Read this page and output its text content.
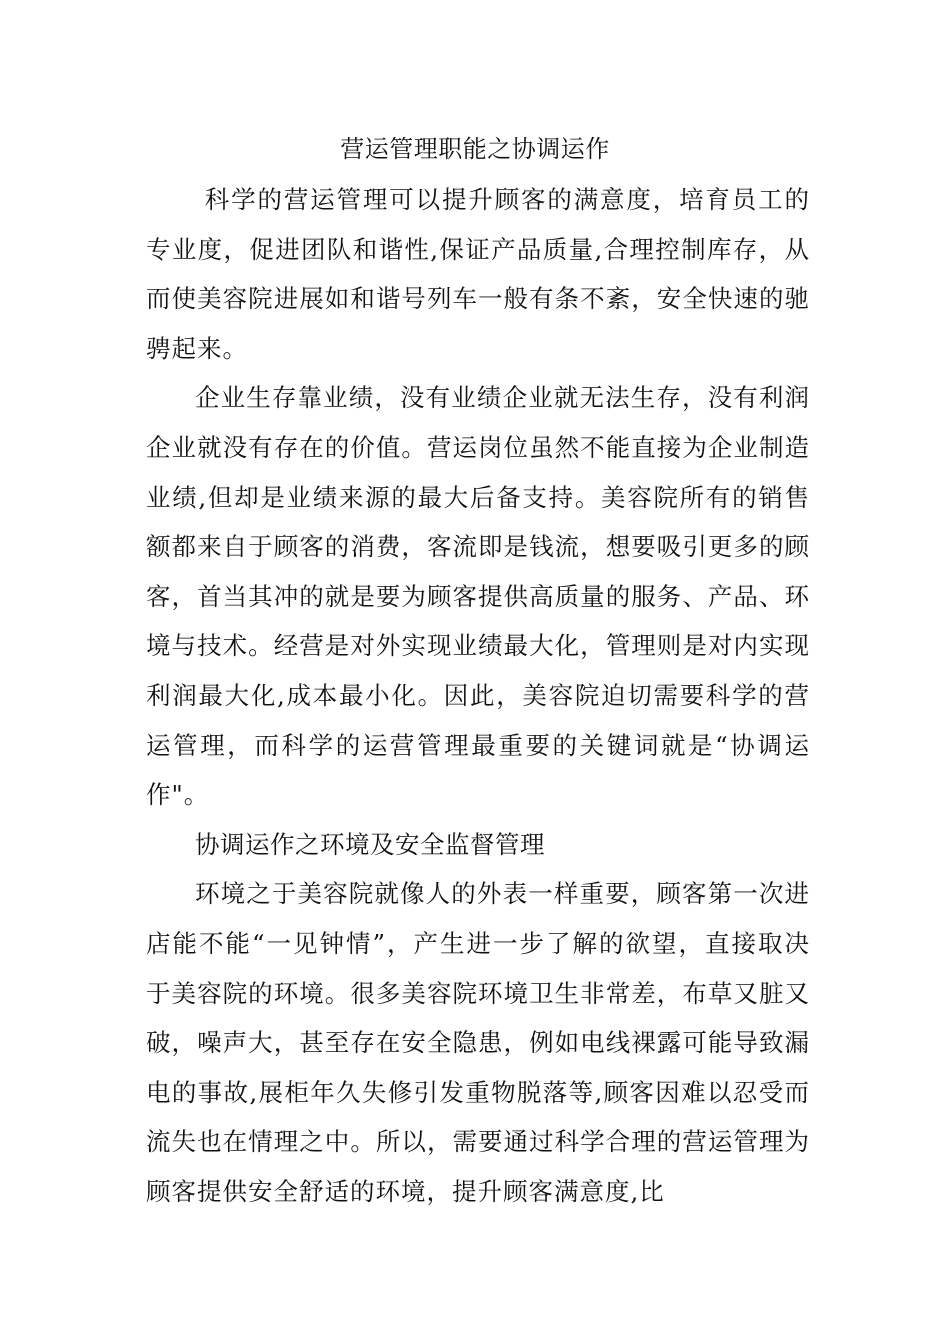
营运管理职能之协调运作

科学的营运管理可以提升顾客的满意度，培育员工的专业度，促进团队和谐性,保证产品质量,合理控制库存，从而使美容院进展如和谐号列车一般有条不紊，安全快速的驰骋起来。

企业生存靠业绩，没有业绩企业就无法生存，没有利润企业就没有存在的价值。营运岗位虽然不能直接为企业制造业绩,但却是业绩来源的最大后备支持。美容院所有的销售额都来自于顾客的消费，客流即是钱流，想要吸引更多的顾客，首当其冲的就是要为顾客提供高质量的服务、产品、环境与技术。经营是对外实现业绩最大化，管理则是对内实现利润最大化,成本最小化。因此，美容院迫切需要科学的营运管理，而科学的运营管理最重要的关键词就是“协调运作"。

协调运作之环境及安全监督管理

环境之于美容院就像人的外表一样重要，顾客第一次进店能不能“一见钟情”，产生进一步了解的欲望，直接取决于美容院的环境。很多美容院环境卫生非常差，布草又脏又破，噪声大，甚至存在安全隐患，例如电线裸露可能导致漏电的事故,展柜年久失修引发重物脱落等,顾客因难以忍受而流失也在情理之中。所以，需要通过科学合理的营运管理为顾客提供安全舒适的环境，提升顾客满意度,比
